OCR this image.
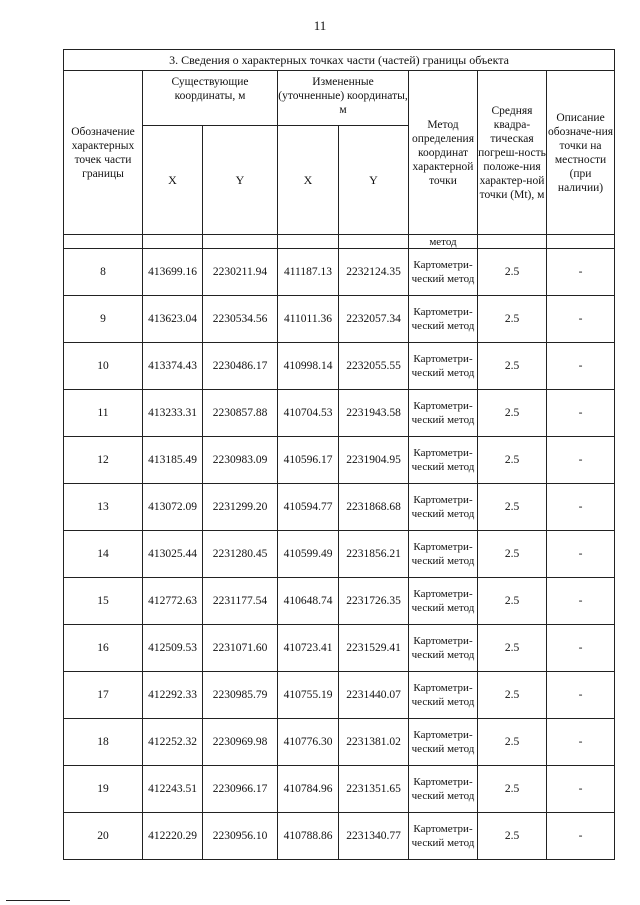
11
3. Сведения о характерных точках части (частей) границы объекта							
Обозначение характерных точек части границы	Существующие координаты, м		Измененные (уточненные) координаты, м		Метод определения координат характерной точки	Средняя квадра-тическая погреш-ность положе-ния характер-ной точки (Mt), м	Описание обозначе-ния точки на местности (при наличии)
	X	Y	X	Y			
					метод		
8	413699.16	2230211.94	411187.13	2232124.35	Картометри-ческий метод	2.5	-
9	413623.04	2230534.56	411011.36	2232057.34	Картометри-ческий метод	2.5	-
10	413374.43	2230486.17	410998.14	2232055.55	Картометри-ческий метод	2.5	-
11	413233.31	2230857.88	410704.53	2231943.58	Картометри-ческий метод	2.5	-
12	413185.49	2230983.09	410596.17	2231904.95	Картометри-ческий метод	2.5	-
13	413072.09	2231299.20	410594.77	2231868.68	Картометри-ческий метод	2.5	-
14	413025.44	2231280.45	410599.49	2231856.21	Картометри-ческий метод	2.5	-
15	412772.63	2231177.54	410648.74	2231726.35	Картометри-ческий метод	2.5	-
16	412509.53	2231071.60	410723.41	2231529.41	Картометри-ческий метод	2.5	-
17	412292.33	2230985.79	410755.19	2231440.07	Картометри-ческий метод	2.5	-
18	412252.32	2230969.98	410776.30	2231381.02	Картометри-ческий метод	2.5	-
19	412243.51	2230966.17	410784.96	2231351.65	Картометри-ческий метод	2.5	-
20	412220.29	2230956.10	410788.86	2231340.77	Картометри-ческий метод	2.5	-
